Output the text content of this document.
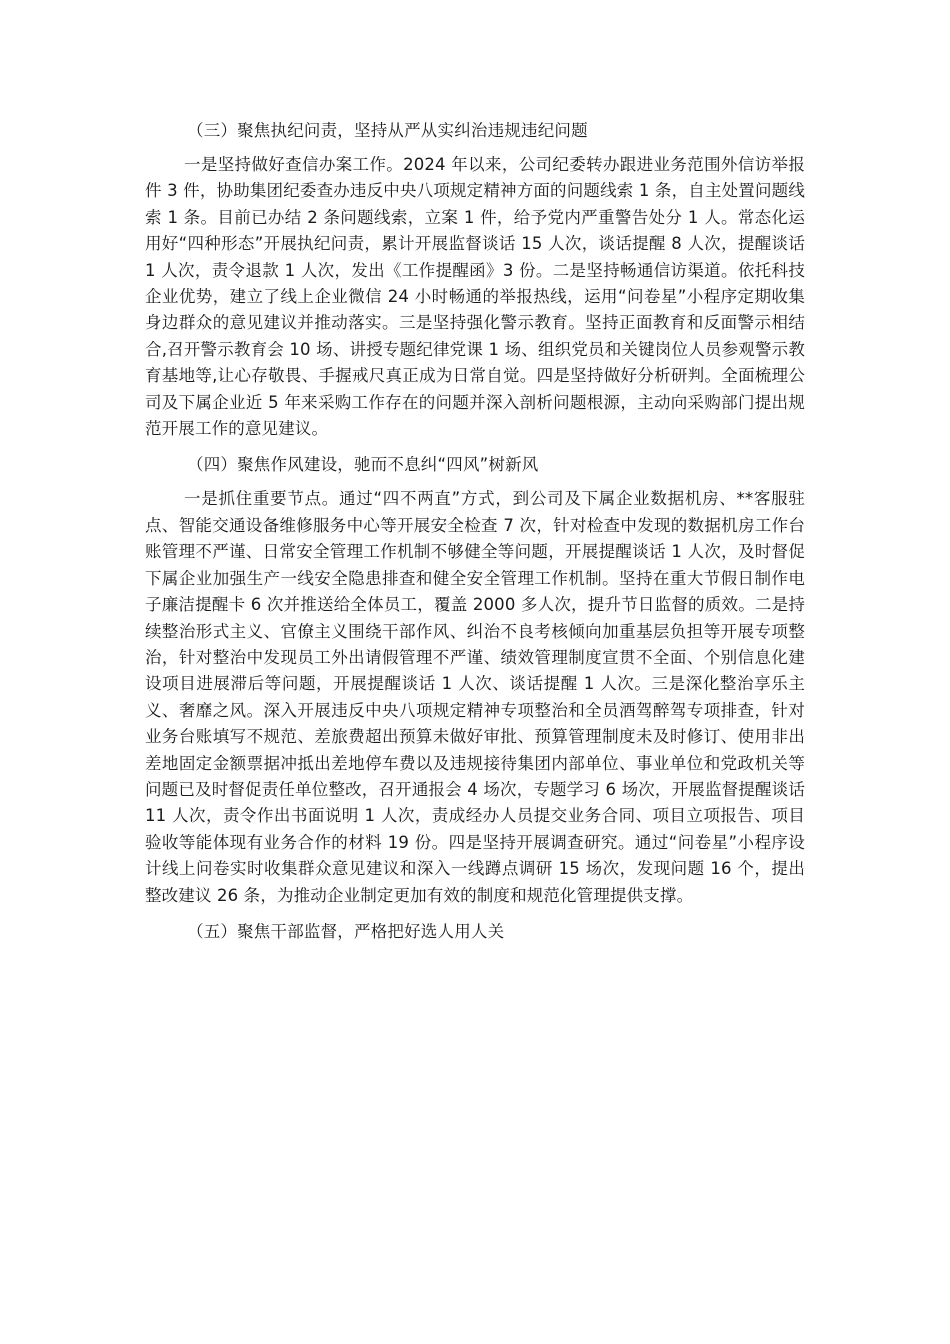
（三）聚焦执纪问责，坚持从严从实纠治违规违纪问题

一是坚持做好查信办案工作。2024 年以来，公司纪委转办跟进业务范围外信访举报件 3 件，协助集团纪委查办违反中央八项规定精神方面的问题线索 1 条，自主处置问题线索 1 条。目前已办结 2 条问题线索，立案 1 件，给予党内严重警告处分 1 人。常态化运用好“四种形态”开展执纪问责，累计开展监督谈话 15 人次，谈话提醒 8 人次，提醒谈话 1 人次，责令退款 1 人次，发出《工作提醒函》3 份。二是坚持畅通信访渠道。依托科技企业优势，建立了线上企业微信 24 小时畅通的举报热线，运用“问卷星”小程序定期收集身边群众的意见建议并推动落实。三是坚持强化警示教育。坚持正面教育和反面警示相结合,召开警示教育会 10 场、讲授专题纪律党课 1 场、组织党员和关键岗位人员参观警示教育基地等,让心存敬畏、手握戒尺真正成为日常自觉。四是坚持做好分析研判。全面梳理公司及下属企业近 5 年来采购工作存在的问题并深入剖析问题根源，主动向采购部门提出规范开展工作的意见建议。

（四）聚焦作风建设，驰而不息纠“四风”树新风

一是抓住重要节点。通过“四不两直”方式，到公司及下属企业数据机房、**客服驻点、智能交通设备维修服务中心等开展安全检查 7 次，针对检查中发现的数据机房工作台账管理不严谨、日常安全管理工作机制不够健全等问题，开展提醒谈话 1 人次，及时督促下属企业加强生产一线安全隐患排查和健全安全管理工作机制。坚持在重大节假日制作电子廉洁提醒卡 6 次并推送给全体员工，覆盖 2000 多人次，提升节日监督的质效。二是持续整治形式主义、官僚主义围绕干部作风、纠治不良考核倾向加重基层负担等开展专项整治，针对整治中发现员工外出请假管理不严谨、绩效管理制度宣贯不全面、个别信息化建设项目进展滞后等问题，开展提醒谈话 1 人次、谈话提醒 1 人次。三是深化整治享乐主义、奢靡之风。深入开展违反中央八项规定精神专项整治和全员酒驾醉驾专项排查，针对业务台账填写不规范、差旅费超出预算未做好审批、预算管理制度未及时修订、使用非出差地固定金额票据冲抵出差地停车费以及违规接待集团内部单位、事业单位和党政机关等问题已及时督促责任单位整改，召开通报会 4 场次，专题学习 6 场次，开展监督提醒谈话 11 人次，责令作出书面说明 1 人次，责成经办人员提交业务合同、项目立项报告、项目验收等能体现有业务合作的材料 19 份。四是坚持开展调查研究。通过“问卷星”小程序设计线上问卷实时收集群众意见建议和深入一线蹲点调研 15 场次，发现问题 16 个，提出整改建议 26 条，为推动企业制定更加有效的制度和规范化管理提供支撑。

（五）聚焦干部监督，严格把好选人用人关
